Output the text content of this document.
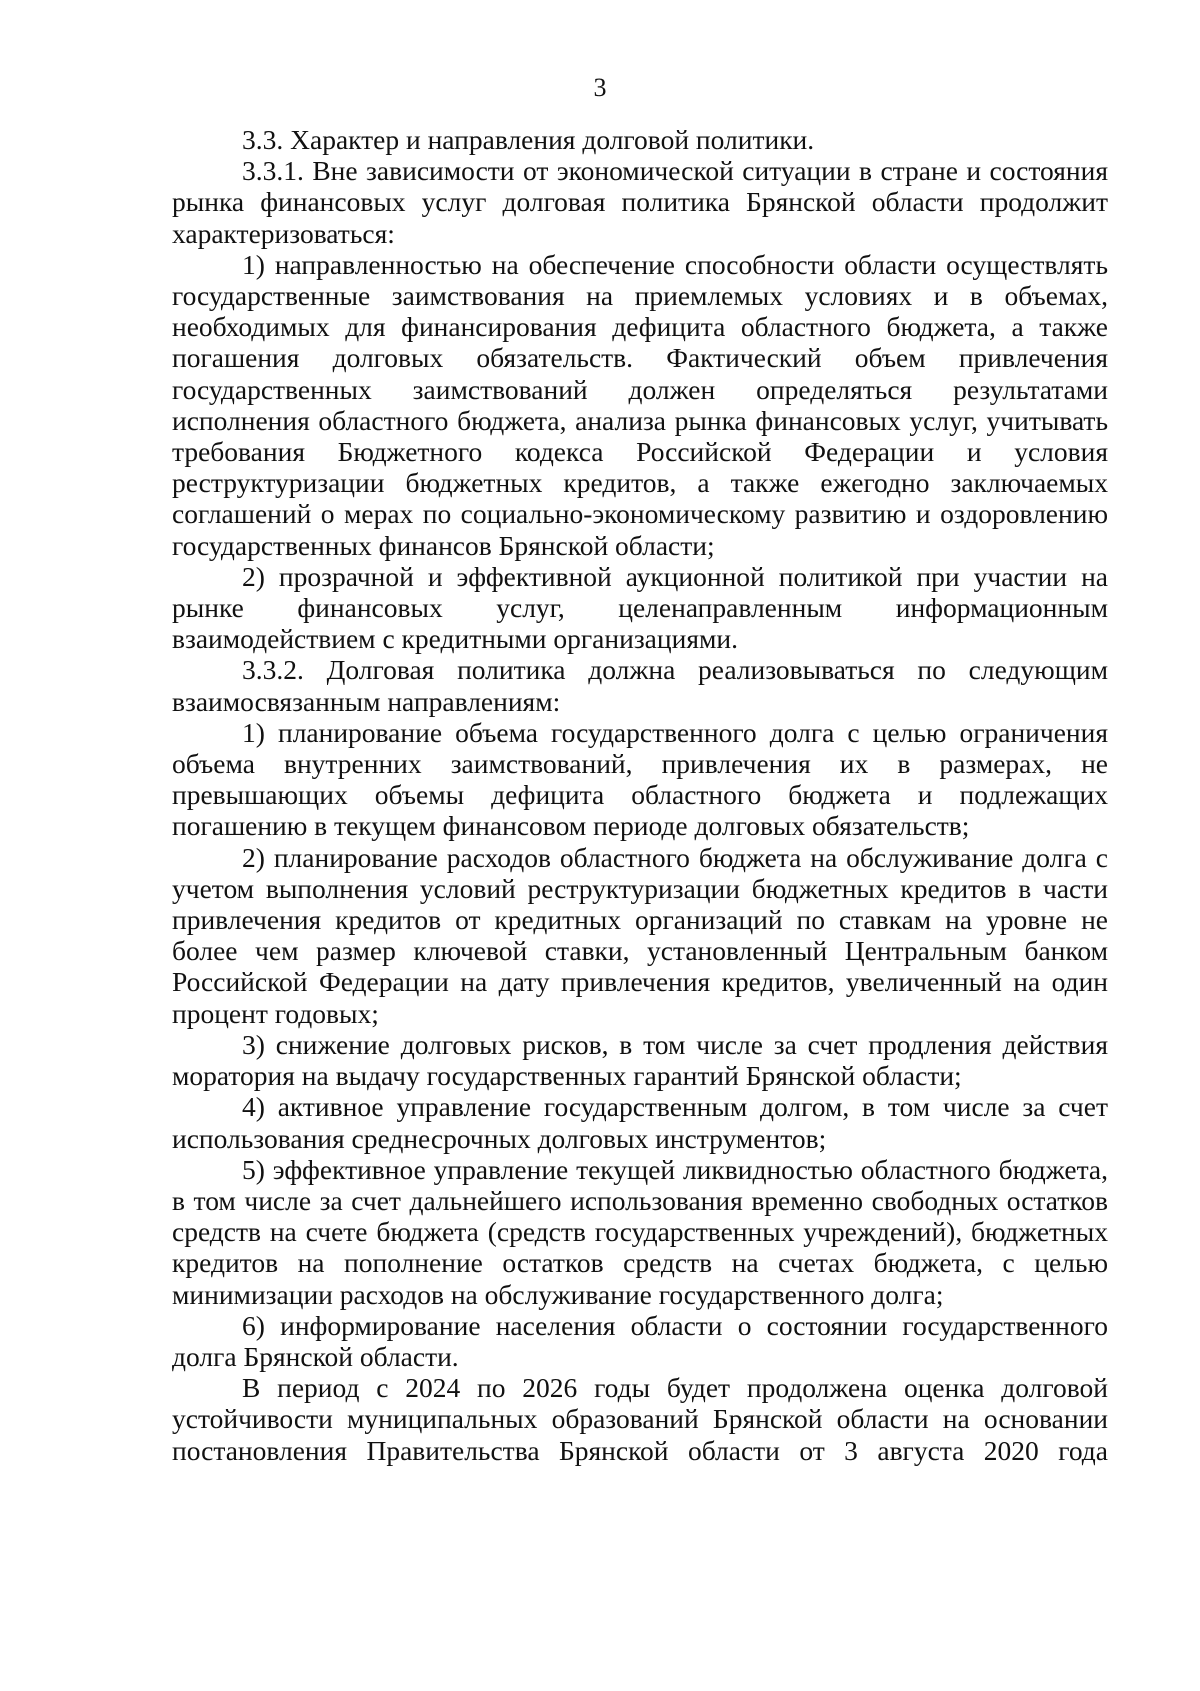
3

3.3. Характер и направления долговой политики.

3.3.1. Вне зависимости от экономической ситуации в стране и состояния рынка финансовых услуг долговая политика Брянской области продолжит характеризоваться:

1) направленностью на обеспечение способности области осуществлять государственные заимствования на приемлемых условиях и в объемах, необходимых для финансирования дефицита областного бюджета, а также погашения долговых обязательств. Фактический объем привлечения государственных заимствований должен определяться результатами исполнения областного бюджета, анализа рынка финансовых услуг, учитывать требования Бюджетного кодекса Российской Федерации и условия реструктуризации бюджетных кредитов, а также ежегодно заключаемых соглашений о мерах по социально-экономическому развитию и оздоровлению государственных финансов Брянской области;

2) прозрачной и эффективной аукционной политикой при участии на рынке финансовых услуг, целенаправленным информационным взаимодействием с кредитными организациями.

3.3.2. Долговая политика должна реализовываться по следующим взаимосвязанным направлениям:

1) планирование объема государственного долга с целью ограничения объема внутренних заимствований, привлечения их в размерах, не превышающих объемы дефицита областного бюджета и подлежащих погашению в текущем финансовом периоде долговых обязательств;

2) планирование расходов областного бюджета на обслуживание долга с учетом выполнения условий реструктуризации бюджетных кредитов в части привлечения кредитов от кредитных организаций по ставкам на уровне не более чем размер ключевой ставки, установленный Центральным банком Российской Федерации на дату привлечения кредитов, увеличенный на один процент годовых;

3) снижение долговых рисков, в том числе за счет продления действия моратория на выдачу государственных гарантий Брянской области;

4) активное управление государственным долгом, в том числе за счет использования среднесрочных долговых инструментов;

5) эффективное управление текущей ликвидностью областного бюджета, в том числе за счет дальнейшего использования временно свободных остатков средств на счете бюджета (средств государственных учреждений), бюджетных кредитов на пополнение остатков средств на счетах бюджета, с целью минимизации расходов на обслуживание государственного долга;

6) информирование населения области о состоянии государственного долга Брянской области.

В период с 2024 по 2026 годы будет продолжена оценка долговой устойчивости муниципальных образований Брянской области на основании постановления Правительства Брянской области от 3 августа 2020 года
